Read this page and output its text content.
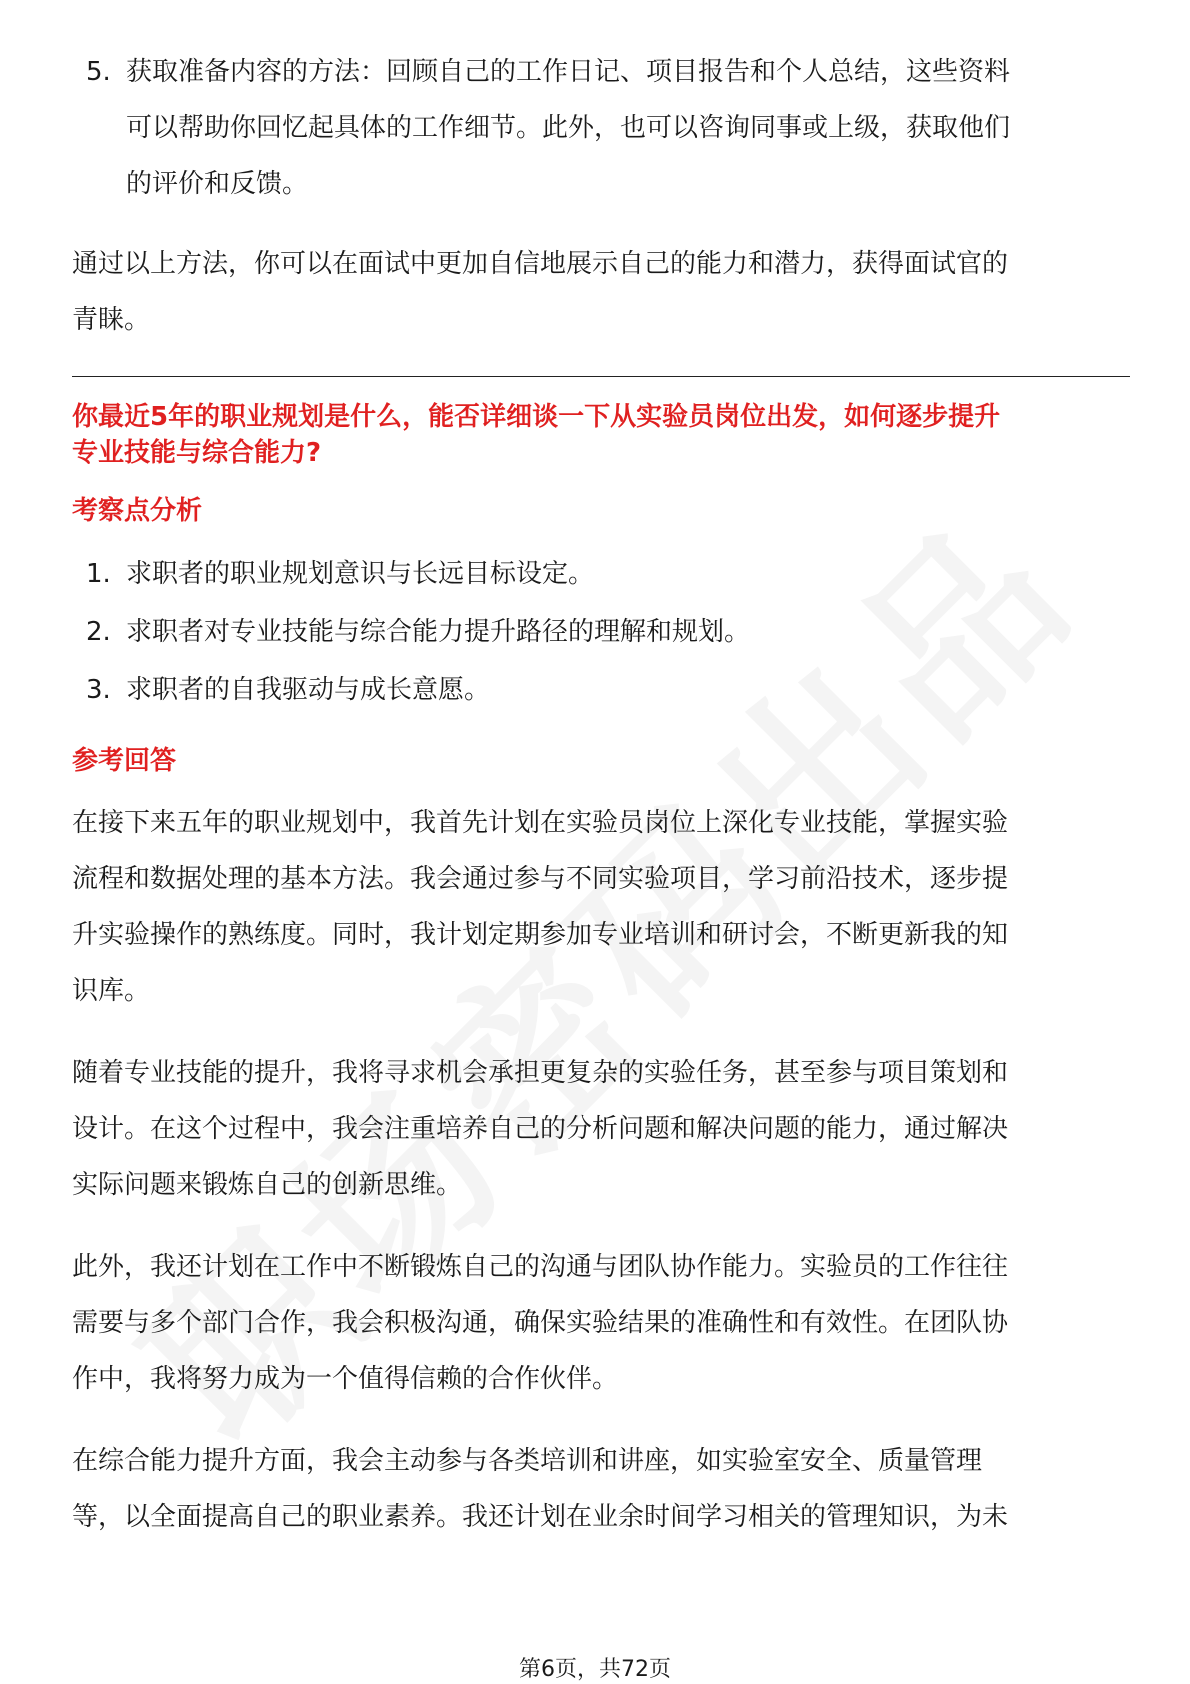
5. 获取准备内容的方法：回顾自己的工作日记、项目报告和个人总结，这些资料
可以帮助你回忆起具体的工作细节。此外，也可以咨询同事或上级，获取他们
的评价和反馈。
通过以上方法，你可以在面试中更加自信地展示自己的能力和潜力，获得面试官的
青睐。
你最近5年的职业规划是什么，能否详细谈一下从实验员岗位出发，如何逐步提升
专业技能与综合能力?
考察点分析
1. 求职者的职业规划意识与长远目标设定。
2. 求职者对专业技能与综合能力提升路径的理解和规划。
3. 求职者的自我驱动与成长意愿。
参考回答
在接下来五年的职业规划中，我首先计划在实验员岗位上深化专业技能，掌握实验
流程和数据处理的基本方法。我会通过参与不同实验项目，学习前沿技术，逐步提
升实验操作的熟练度。同时，我计划定期参加专业培训和研讨会，不断更新我的知
识库。
随着专业技能的提升，我将寻求机会承担更复杂的实验任务，甚至参与项目策划和
设计。在这个过程中，我会注重培养自己的分析问题和解决问题的能力，通过解决
实际问题来锻炼自己的创新思维。
此外，我还计划在工作中不断锻炼自己的沟通与团队协作能力。实验员的工作往往
需要与多个部门合作，我会积极沟通，确保实验结果的准确性和有效性。在团队协
作中，我将努力成为一个值得信赖的合作伙伴。
在综合能力提升方面，我会主动参与各类培训和讲座，如实验室安全、质量管理
等，以全面提高自己的职业素养。我还计划在业余时间学习相关的管理知识，为未
第6页，共72页
